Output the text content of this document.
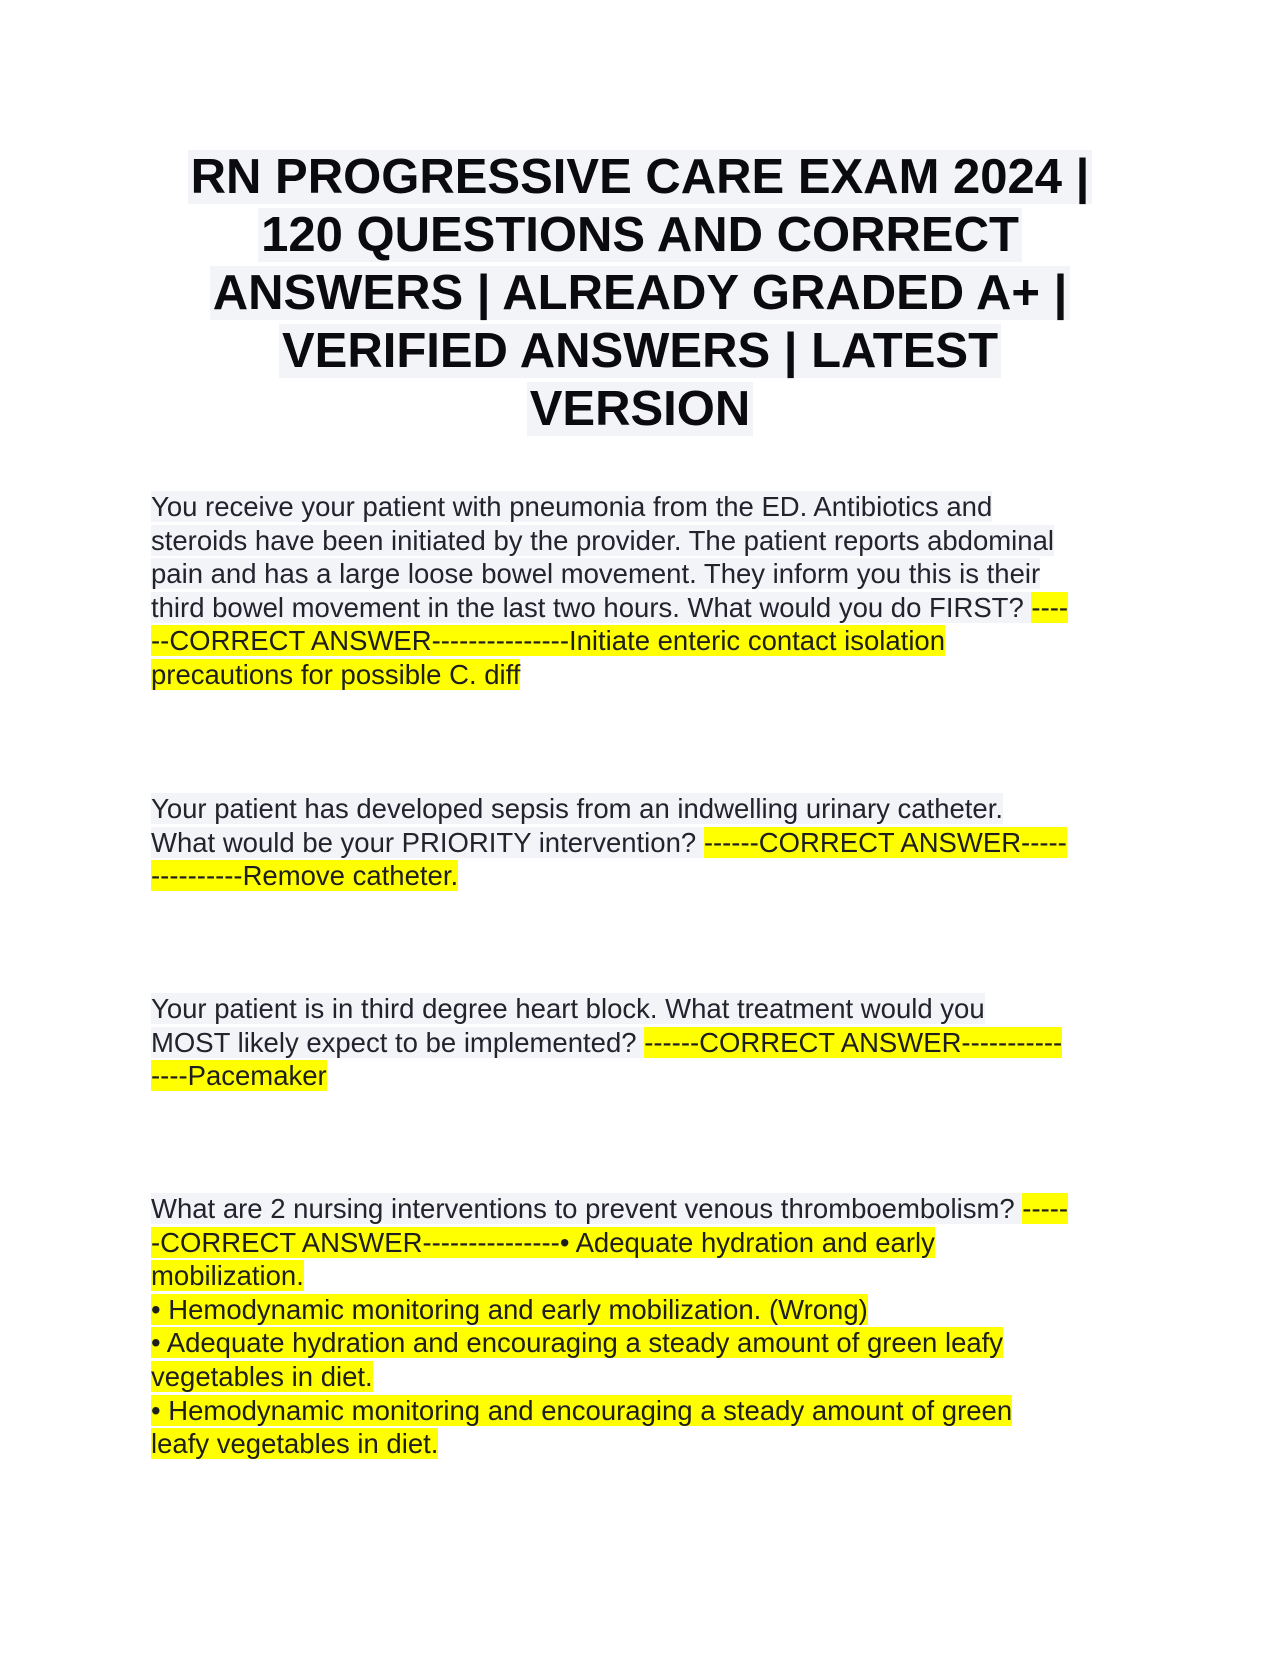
RN PROGRESSIVE CARE EXAM 2024 |
120 QUESTIONS AND CORRECT
ANSWERS | ALREADY GRADED A+ |
VERIFIED ANSWERS | LATEST
VERSION
You receive your patient with pneumonia from the ED. Antibiotics and
steroids have been initiated by the provider. The patient reports abdominal
pain and has a large loose bowel movement. They inform you this is their
third bowel movement in the last two hours. What would you do FIRST? ----
--CORRECT ANSWER---------------Initiate enteric contact isolation
precautions for possible C. diff
Your patient has developed sepsis from an indwelling urinary catheter.
What would be your PRIORITY intervention? ------CORRECT ANSWER-----
----------Remove catheter.
Your patient is in third degree heart block. What treatment would you
MOST likely expect to be implemented? ------CORRECT ANSWER-----------
----Pacemaker
What are 2 nursing interventions to prevent venous thromboembolism? -----
-CORRECT ANSWER---------------• Adequate hydration and early
mobilization.
• Hemodynamic monitoring and early mobilization. (Wrong)
• Adequate hydration and encouraging a steady amount of green leafy
vegetables in diet.
• Hemodynamic monitoring and encouraging a steady amount of green
leafy vegetables in diet.
